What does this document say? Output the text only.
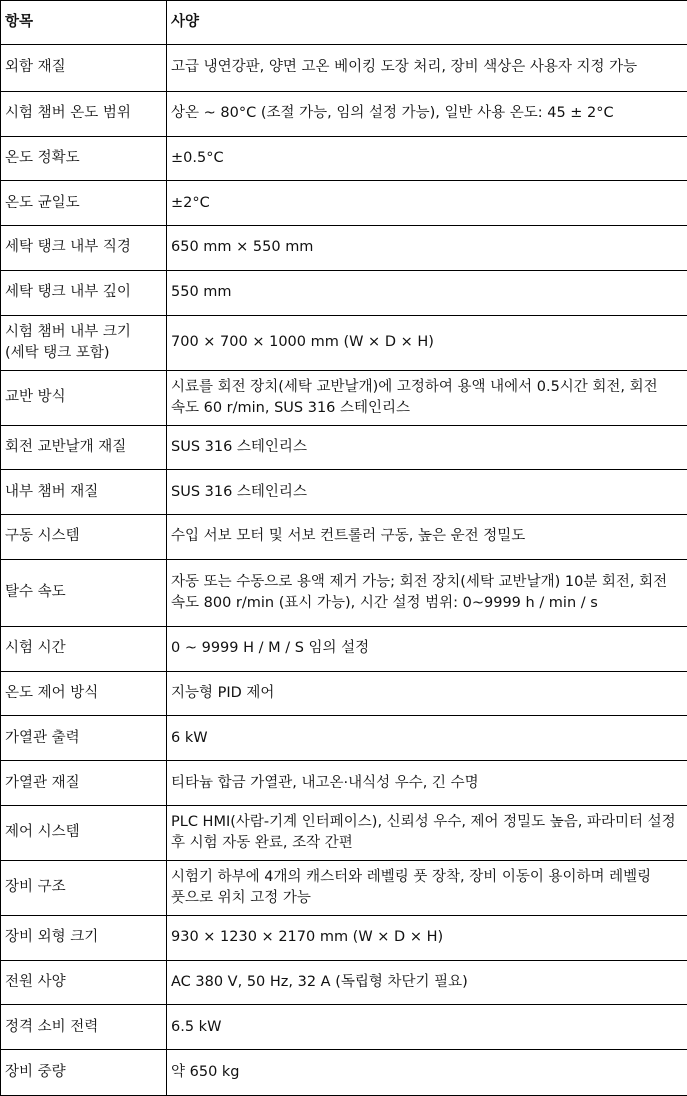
항목	사양
외함 재질	고급 냉연강판, 양면 고온 베이킹 도장 처리, 장비 색상은 사용자 지정 가능
시험 챔버 온도 범위	상온 ~ 80°C (조절 가능, 임의 설정 가능), 일반 사용 온도: 45 ± 2°C
온도 정확도	±0.5°C
온도 균일도	±2°C
세탁 탱크 내부 직경	650 mm × 550 mm
세탁 탱크 내부 깊이	550 mm
시험 챔버 내부 크기 (세탁 탱크 포함)	700 × 700 × 1000 mm (W × D × H)
교반 방식	시료를 회전 장치(세탁 교반날개)에 고정하여 용액 내에서 0.5시간 회전, 회전 속도 60 r/min, SUS 316 스테인리스
회전 교반날개 재질	SUS 316 스테인리스
내부 챔버 재질	SUS 316 스테인리스
구동 시스템	수입 서보 모터 및 서보 컨트롤러 구동, 높은 운전 정밀도
탈수 속도	자동 또는 수동으로 용액 제거 가능; 회전 장치(세탁 교반날개) 10분 회전, 회전 속도 800 r/min (표시 가능), 시간 설정 범위: 0~9999 h / min / s
시험 시간	0 ~ 9999 H / M / S 임의 설정
온도 제어 방식	지능형 PID 제어
가열관 출력	6 kW
가열관 재질	티타늄 합금 가열관, 내고온·내식성 우수, 긴 수명
제어 시스템	PLC HMI(사람-기계 인터페이스), 신뢰성 우수, 제어 정밀도 높음, 파라미터 설정 후 시험 자동 완료, 조작 간편
장비 구조	시험기 하부에 4개의 캐스터와 레벨링 풋 장착, 장비 이동이 용이하며 레벨링 풋으로 위치 고정 가능
장비 외형 크기	930 × 1230 × 2170 mm (W × D × H)
전원 사양	AC 380 V, 50 Hz, 32 A (독립형 차단기 필요)
정격 소비 전력	6.5 kW
장비 중량	약 650 kg
